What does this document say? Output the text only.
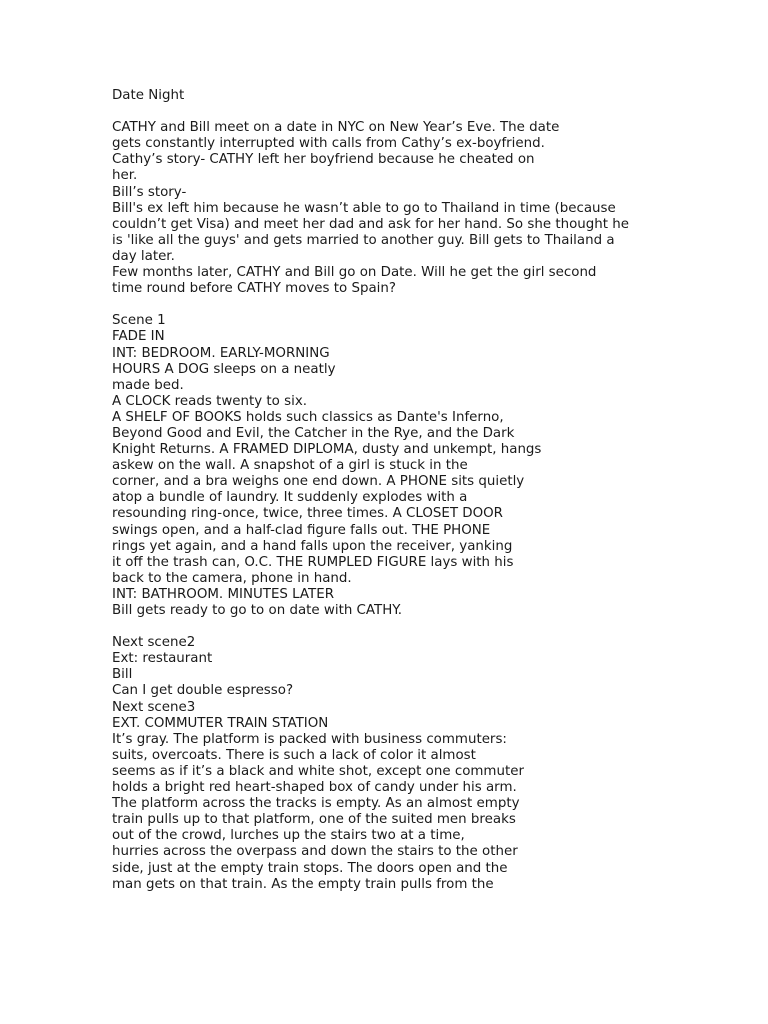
Date Night
CATHY and Bill meet on a date in NYC on New Year’s Eve. The date
gets constantly interrupted with calls from Cathy’s ex-boyfriend.
Cathy’s story- CATHY left her boyfriend because he cheated on
her.
Bill’s story-
Bill's ex left him because he wasn’t able to go to Thailand in time (because
couldn’t get Visa) and meet her dad and ask for her hand. So she thought he
is 'like all the guys' and gets married to another guy. Bill gets to Thailand a
day later.
Few months later, CATHY and Bill go on Date. Will he get the girl second
time round before CATHY moves to Spain?
Scene 1
FADE IN
INT: BEDROOM. EARLY-MORNING
HOURS A DOG sleeps on a neatly
made bed.
A CLOCK reads twenty to six.
A SHELF OF BOOKS holds such classics as Dante's Inferno,
Beyond Good and Evil, the Catcher in the Rye, and the Dark
Knight Returns. A FRAMED DIPLOMA, dusty and unkempt, hangs
askew on the wall. A snapshot of a girl is stuck in the
corner, and a bra weighs one end down. A PHONE sits quietly
atop a bundle of laundry. It suddenly explodes with a
resounding ring-once, twice, three times. A CLOSET DOOR
swings open, and a half-clad figure falls out. THE PHONE
rings yet again, and a hand falls upon the receiver, yanking
it off the trash can, O.C. THE RUMPLED FIGURE lays with his
back to the camera, phone in hand.
INT: BATHROOM. MINUTES LATER
Bill gets ready to go to on date with CATHY.
Next scene2
Ext: restaurant
Bill
Can I get double espresso?
Next scene3
EXT. COMMUTER TRAIN STATION
It’s gray. The platform is packed with business commuters:
suits, overcoats. There is such a lack of color it almost
seems as if it’s a black and white shot, except one commuter
holds a bright red heart-shaped box of candy under his arm.
The platform across the tracks is empty. As an almost empty
train pulls up to that platform, one of the suited men breaks
out of the crowd, lurches up the stairs two at a time,
hurries across the overpass and down the stairs to the other
side, just at the empty train stops. The doors open and the
man gets on that train. As the empty train pulls from the
